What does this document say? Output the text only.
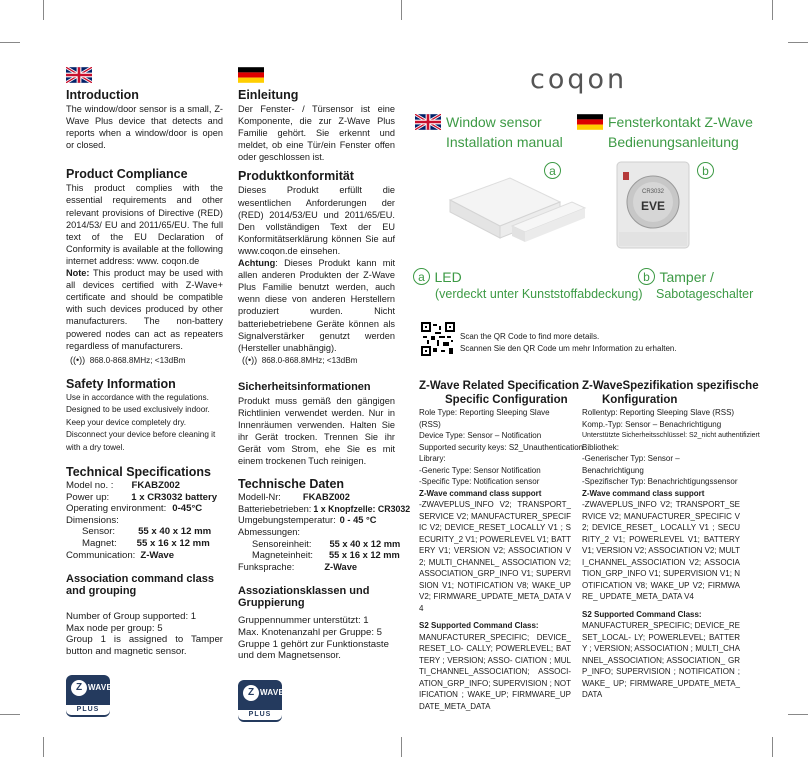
Introduction

The window/door sensor is a small, Z-Wave Plus device that detects and reports when a window/door is open or closed.

Product Compliance

This product complies with the essential requirements and other relevant provisions of Directive (RED) 2014/53/ EU and 2011/65/EU. The full text of the EU Declaration of Conformity is available at the following internet address: www. coqon.de
Note: This product may be used with all devices certified with Z-Wave+ certificate and should be compatible with such devices produced by other manufacturers. The non-battery powered nodes can act as repeaters regardless of manufacturers.

((•)) 868.0-868.8MHz; <13dBm
Safety Information
Use in accordance with the regulations.
Designed to be used exclusively indoor.
Keep your device completely dry.
Disconnect your device before cleaning it with a dry towel.
Technical Specifications
Model no. : FKABZ002
Power up: 1 x CR3032 battery
Operating environment: 0-45°C
Dimensions:
Sensor: 55 x 40 x 12 mm
Magnet: 55 x 16 x 12 mm
Communication: Z-Wave
Association command class and grouping
Number of Group supported: 1
Max node per group: 5
Group 1 is assigned to Tamper button and magnetic sensor.
Z WAVE
PLUS
Einleitung

Der Fenster- / Türsensor ist eine Komponente, die zur Z-Wave Plus Familie gehört. Sie erkennt und meldet, ob eine Tür/ein Fenster offen oder geschlossen ist.

Produktkonformität

Dieses Produkt erfüllt die wesentlichen Anforderungen der (RED) 2014/53/EU und 2011/65/EU. Den vollständigen Text der EU Konformitätserklärung können Sie auf www.coqon.de einsehen.
Achtung: Dieses Produkt kann mit allen anderen Produkten der Z-Wave Plus Familie benutzt werden, auch wenn diese von anderen Herstellern produziert wurden. Nicht batteriebetriebene Geräte können als Signalverstärker genutzt werden (Hersteller unabhängig).

((•)) 868.0-868.8MHz; <13dBm
Sicherheitsinformationen

Produkt muss gemäß den gängigen Richtlinien verwendet werden. Nur in Innenräumen verwenden. Halten Sie ihr Gerät trocken. Trennen Sie ihr Gerät vom Strom, ehe Sie es mit einem trockenen Tuch reinigen.

Technische Daten
Modell-Nr: FKABZ002
Batteriebetrieben: 1 x Knopfzelle: CR3032
Umgebungstemperatur: 0 - 45 °C
Abmessungen:
Sensoreinheit: 55 x 40 x 12 mm
Magneteinheit: 55 x 16 x 12 mm
Funksprache:	Z-Wave
Assoziationsklassen und Gruppierung
Gruppennummer unterstützt: 1
Max. Knotenanzahl per Gruppe: 5
Gruppe 1 gehört zur Funktionstaste und dem Magnetsensor.
Z WAVE
PLUS
coqon
Window sensor
Installation manual
Fensterkontakt Z-Wave
Bedienungsanleitung
a
CR3032
EVE
b
a LED
(verdeckt unter Kunststoffabdeckung)
b Tamper /
Sabotageschalter
Scan the QR Code to find more details.
Scannen Sie den QR Code um mehr Information zu erhalten.
Z-Wave Related Specification
Specific Configuration
Role Type: Reporting Sleeping Slave (RSS)
Device Type: Sensor – Notification
Supported security keys: S2_Unauthentication
Library:
-Generic Type: Sensor Notification
-Specific Type: Notification sensor
Z-Wave command class support
-ZWAVEPLUS_INFO V2; TRANSPORT_ SERVICE V2; MANUFACTURER_SPECIFIC V2; DEVICE_RESET_LOCALLY V1 ; SECURITY_2 V1; POWERLEVEL V1; BATTERY V1; VERSION V2; ASSOCIATION V2; MULTI_CHANNEL_ ASSOCIATION V2; ASSOCIATION_GRP_INFO V1; SUPERVISION V1; NOTIFICATION V8; WAKE_UP V2; FIRMWARE_UPDATE_META_DATA V4
S2 Supported Command Class:
MANUFACTURER_SPECIFIC; DEVICE_RESET_LO- CALLY; POWERLEVEL; BATTERY ; VERSION; ASSO- CIATION ; MULTI_CHANNEL_ASSOCIATION; ASSOCI- ATION_GRP_INFO; SUPERVISION ; NOTIFICATION ; WAKE_UP; FIRMWARE_UPDATE_META_DATA
Z-WaveSpezifikation spezifische
Konfiguration
Rollentyp: Reporting Sleeping Slave (RSS)
Komp.-Typ: Sensor – Benachrichtigung
Unterstützte Sicherheitsschlüssel: S2_nicht authentifiziert
Bibliothek:
-Generischer Typ: Sensor – Benachrichtigung
-Spezifischer Typ: Benachrichtigungssensor
Z-Wave command class support
-ZWAVEPLUS_INFO V2; TRANSPORT_SERVICE V2; MANUFACTURER_SPECIFIC V2; DEVICE_RESET_ LOCALLY V1 ; SECURITY_2 V1; POWERLEVEL V1; BATTERY V1; VERSION V2; ASSOCIATION V2; MULTI_CHANNEL_ASSOCIATION V2; ASSOCIATION_GRP_INFO V1; SUPERVISION V1; NOTIFICATION V8; WAKE_UP V2; FIRMWARE_ UPDATE_META_DATA V4
S2 Supported Command Class:
MANUFACTURER_SPECIFIC; DEVICE_RESET_LOCAL- LY; POWERLEVEL; BATTERY ; VERSION; ASSOCIATION ; MULTI_CHANNEL_ASSOCIATION; ASSOCIATION_ GRP_INFO; SUPERVISION ; NOTIFICATION ; WAKE_ UP; FIRMWARE_UPDATE_META_DATA
